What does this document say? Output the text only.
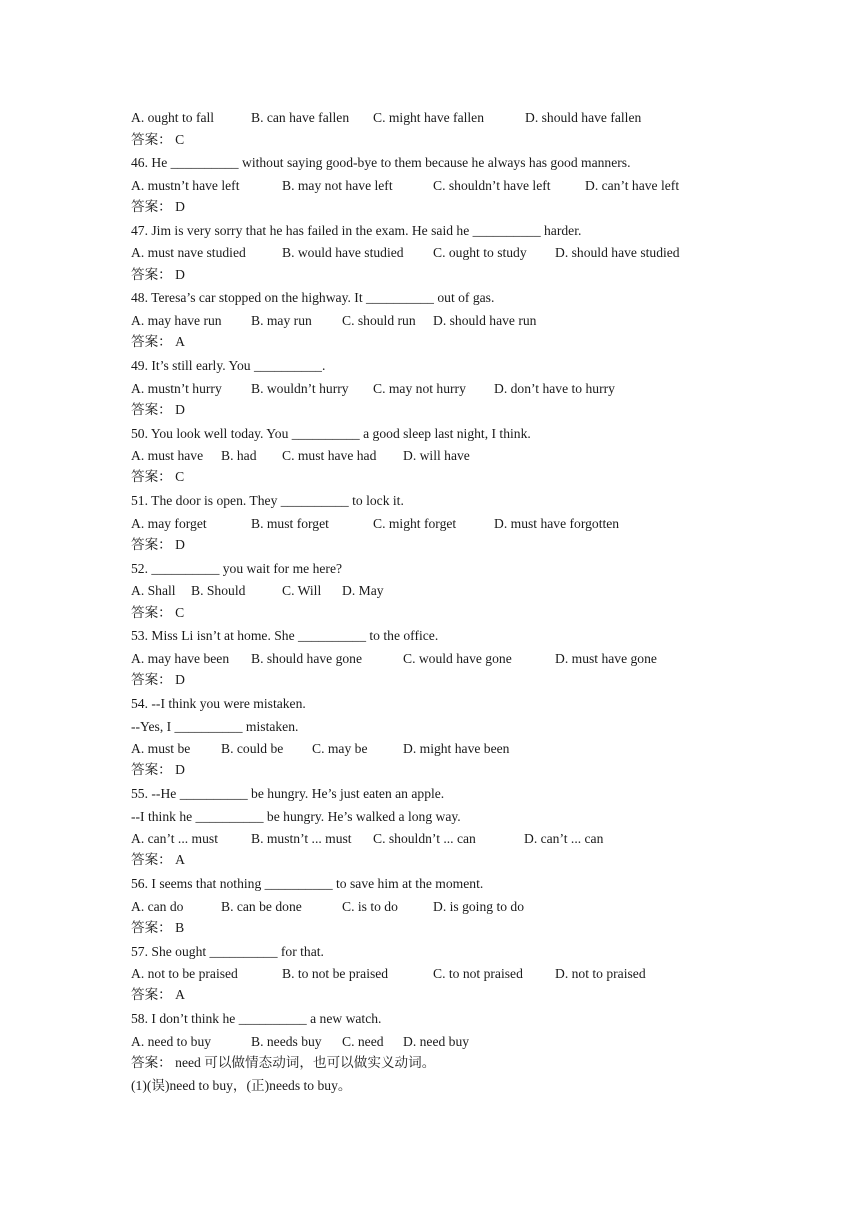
A. ought to fall	B. can have fallen C. might have fallen	D. should have fallen
答案： C
46. He __________ without saying good-bye to them because he always has good manners.
A. mustn’t have left	B. may not have left	C. shouldn’t have left	D. can’t have left
答案： D
47. Jim is very sorry that he has failed in the exam. He said he __________ harder.
A. must nave studied	B. would have studied C. ought to study D. should have studied
答案： D
48. Teresa’s car stopped on the highway. It __________ out of gas.
A. may have run B. may run C. should run D. should have run
答案： A
49. It’s still early. You __________.
A. mustn’t hurry B. wouldn’t hurry C. may not hurry D. don’t have to hurry
答案： D
50. You look well today. You __________ a good sleep last night, I think.
A. must have B. had C. must have had D. will have
答案： C
51. The door is open. They __________ to lock it.
A. may forget	B. must forget	C. might forget	D. must have forgotten
答案： D
52. __________ you wait for me here?
A. Shall B. Should	C. Will D. May
答案： C
53. Miss Li isn’t at home. She __________ to the office.
A. may have been B. should have gone	C. would have gone	D. must have gone
答案： D
54. --I think you were mistaken.
--Yes, I __________ mistaken.
A. must be B. could be C. may be	D. might have been
答案： D
55. --He __________ be hungry. He’s just eaten an apple.
--I think he __________ be hungry. He’s walked a long way.
A. can’t ... must B. mustn’t ... must C. shouldn’t ... can	D. can’t ... can
答案： A
56. I seems that nothing __________ to save him at the moment.
A. can do	B. can be done	C. is to do	D. is going to do
答案： B
57. She ought __________ for that.
A. not to be praised	B. to not be praised	C. to not praised D. not to praised
答案： A
58. I don’t think he __________ a new watch.
A. need to buy	B. needs buy C. need D. need buy
答案： need 可以做情态动词，也可以做实义动词。
(1)(误)need to buy，(正)needs to buy。
